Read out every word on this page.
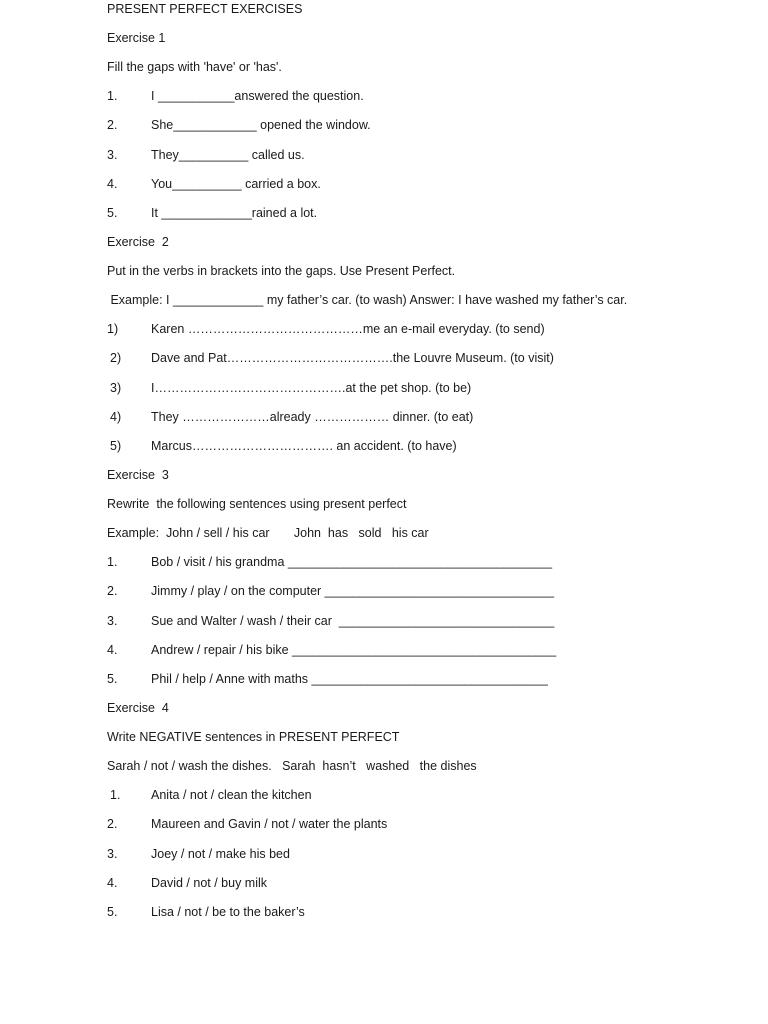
PRESENT PERFECT EXERCISES
Exercise 1
Fill the gaps with 'have' or 'has'.
1.	I ___________answered the question.
2.	She____________ opened the window.
3.	They__________ called us.
4.	You__________ carried a box.
5.	It _____________rained a lot.
Exercise  2
Put in the verbs in brackets into the gaps. Use Present Perfect.
Example: I _____________ my father’s car. (to wash) Answer: I have washed my father’s car.
1)	Karen ……………………………………me an e-mail everyday. (to send)
2) Dave and Pat………………………………….the Louvre Museum. (to visit)
3) I……………………………………….at the pet shop. (to be)
4) They …………………already ……………… dinner. (to eat)
5) Marcus……………………………. an accident. (to have)
Exercise  3
Rewrite  the following sentences using present perfect
Example:  John / sell / his car       John  has   sold   his car
1.	Bob / visit / his grandma ______________________________________
2.	Jimmy / play / on the computer _________________________________
3.	Sue and Walter / wash / their car  _______________________________
4.	Andrew / repair / his bike ______________________________________
5.	Phil / help / Anne with maths __________________________________
Exercise  4
Write NEGATIVE sentences in PRESENT PERFECT
Sarah / not / wash the dishes.   Sarah  hasn’t   washed   the dishes
1. Anita / not / clean the kitchen
2.	Maureen and Gavin / not / water the plants
3.	Joey / not / make his bed
4.	David / not / buy milk
5.	Lisa / not / be to the baker’s
